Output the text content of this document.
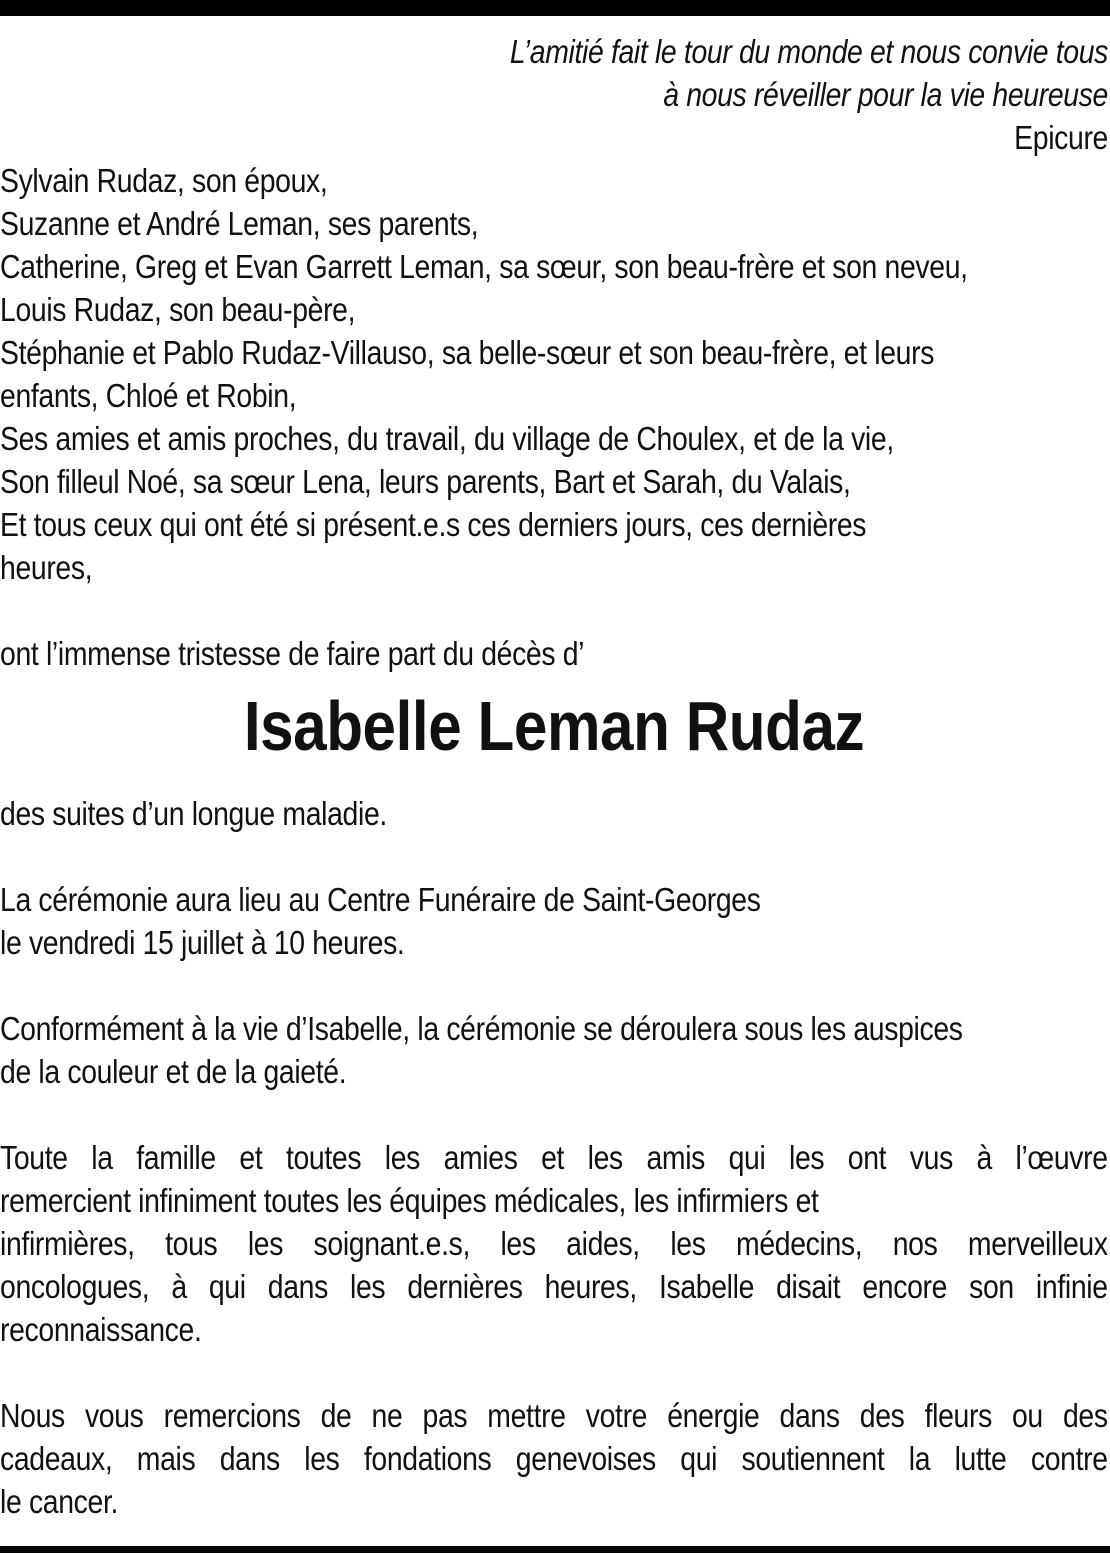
L’amitié fait le tour du monde et nous convie tous
à nous réveiller pour la vie heureuse
Epicure
Sylvain Rudaz, son époux,
Suzanne et André Leman, ses parents,
Catherine, Greg et Evan Garrett Leman, sa sœur, son beau-frère et son neveu,
Louis Rudaz, son beau-père,
Stéphanie et Pablo Rudaz-Villauso, sa belle-sœur et son beau-frère, et leurs
enfants, Chloé et Robin,
Ses amies et amis proches, du travail, du village de Choulex, et de la vie,
Son filleul Noé, sa sœur Lena, leurs parents, Bart et Sarah, du Valais,
Et tous ceux qui ont été si présent.e.s ces derniers jours, ces dernières
heures,
ont l’immense tristesse de faire part du décès d’
Isabelle Leman Rudaz
des suites d’un longue maladie.
La cérémonie aura lieu au Centre Funéraire de Saint-Georges
le vendredi 15 juillet à 10 heures.
Conformément à la vie d’Isabelle, la cérémonie se déroulera sous les auspices
de la couleur et de la gaieté.
Toute la famille et toutes les amies et les amis qui les ont vus à l’œuvre
remercient infiniment toutes les équipes médicales, les infirmiers et
infirmières, tous les soignant.e.s, les aides, les médecins, nos merveilleux
oncologues, à qui dans les dernières heures, Isabelle disait encore son infinie
reconnaissance.
Nous vous remercions de ne pas mettre votre énergie dans des fleurs ou des
cadeaux, mais dans les fondations genevoises qui soutiennent la lutte contre
le cancer.
